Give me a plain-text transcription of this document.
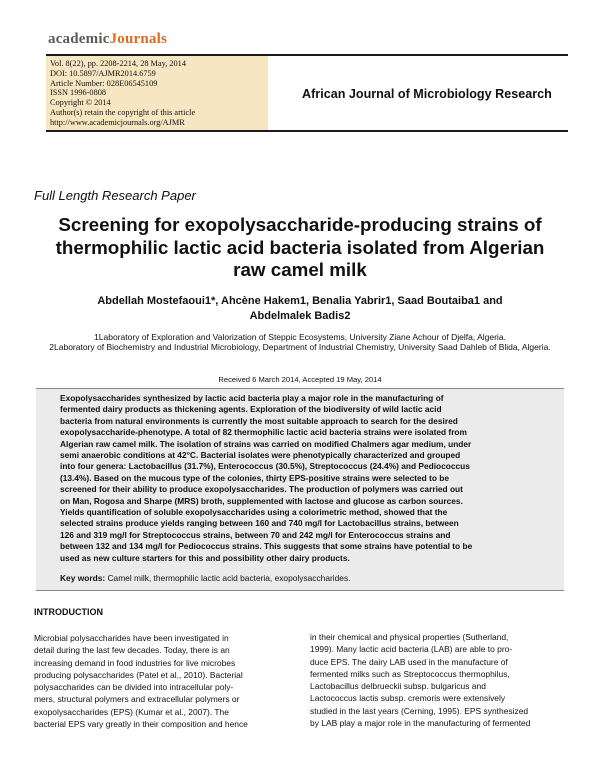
academicJournals
Vol. 8(22), pp. 2208-2214, 28 May, 2014
DOI: 10.5897/AJMR2014.6759
Article Number: 028E06545109
ISSN 1996-0808
Copyright © 2014
Author(s) retain the copyright of this article
http://www.academicjournals.org/AJMR
African Journal of Microbiology Research
Full Length Research Paper
Screening for exopolysaccharide-producing strains of thermophilic lactic acid bacteria isolated from Algerian raw camel milk
Abdellah Mostefaoui1*, Ahcène Hakem1, Benalia Yabrir1, Saad Boutaiba1 and
Abdelmalek Badis2
1Laboratory of Exploration and Valorization of Steppic Ecosystems, University Ziane Achour of Djelfa, Algeria.
2Laboratory of Biochemistry and Industrial Microbiology, Department of Industrial Chemistry, University Saad Dahleb of Blida, Algeria.
Received 6 March 2014, Accepted 19 May, 2014
Exopolysaccharides synthesized by lactic acid bacteria play a major role in the manufacturing of
fermented dairy products as thickening agents. Exploration of the biodiversity of wild lactic acid
bacteria from natural environments is currently the most suitable approach to search for the desired
exopolysaccharide-phenotype. A total of 82 thermophilic lactic acid bacteria strains were isolated from
Algerian raw camel milk. The isolation of strains was carried on modified Chalmers agar medium, under
semi anaerobic conditions at 42°C. Bacterial isolates were phenotypically characterized and grouped
into four genera: Lactobacillus (31.7%), Enterococcus (30.5%), Streptococcus (24.4%) and Pediococcus
(13.4%). Based on the mucous type of the colonies, thirty EPS-positive strains were selected to be
screened for their ability to produce exopolysaccharides. The production of polymers was carried out
on Man, Rogosa and Sharpe (MRS) broth, supplemented with lactose and glucose as carbon sources.
Yields quantification of soluble exopolysaccharides using a colorimetric method, showed that the
selected strains produce yields ranging between 160 and 740 mg/l for Lactobacillus strains, between
126 and 319 mg/l for Streptococcus strains, between 70 and 242 mg/l for Enterococcus strains and
between 132 and 134 mg/l for Pediococcus strains. This suggests that some strains have potential to be
used as new culture starters for this and possibility other dairy products.
Key words: Camel milk, thermophilic lactic acid bacteria, exopolysaccharides.
INTRODUCTION
Microbial polysaccharides have been investigated in
detail during the last few decades. Today, there is an
increasing demand in food industries for live microbes
producing polysaccharides (Patel et al., 2010). Bacterial
polysaccharides can be divided into intracellular poly-
mers, structural polymers and extracellular polymers or
exopolysaccharides (EPS) (Kumar et al., 2007). The
bacterial EPS vary greatly in their composition and hence
in their chemical and physical properties (Sutherland,
1999). Many lactic acid bacteria (LAB) are able to pro-
duce EPS. The dairy LAB used in the manufacture of
fermented milks such as Streptococcus thermophilus,
Lactobacillus delbrueckii subsp. bulgaricus and
Lactococcus lactis subsp. cremoris were extensively
studied in the last years (Cerning, 1995). EPS synthesized
by LAB play a major role in the manufacturing of fermented
